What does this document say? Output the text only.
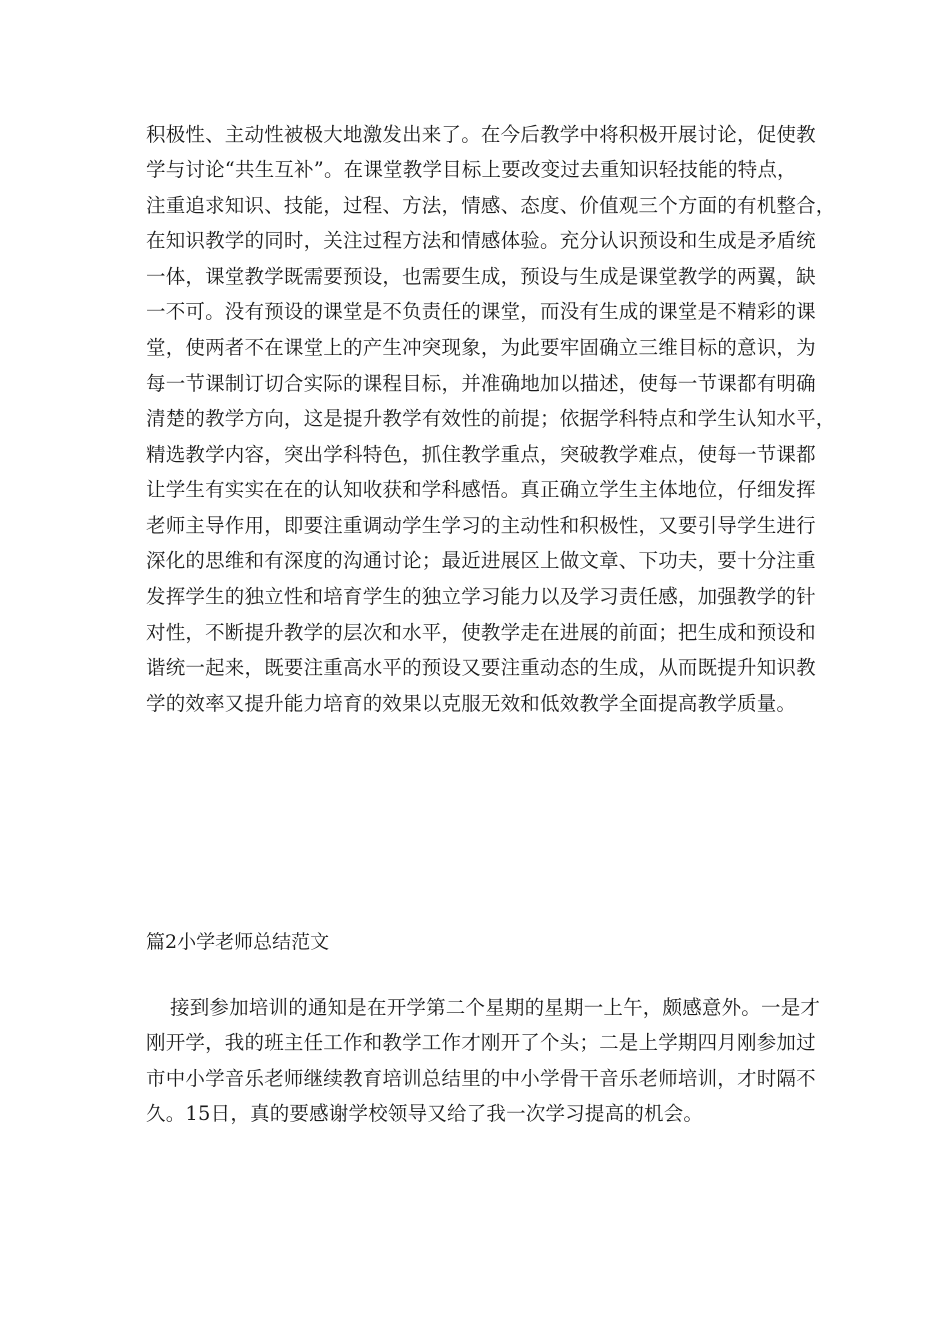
积极性、主动性被极大地激发出来了。在今后教学中将积极开展讨论，促使教
学与讨论“共生互补”。在课堂教学目标上要改变过去重知识轻技能的特点，
注重追求知识、技能，过程、方法，情感、态度、价值观三个方面的有机整合，
在知识教学的同时，关注过程方法和情感体验。充分认识预设和生成是矛盾统
一体，课堂教学既需要预设，也需要生成，预设与生成是课堂教学的两翼，缺
一不可。没有预设的课堂是不负责任的课堂，而没有生成的课堂是不精彩的课
堂，使两者不在课堂上的产生冲突现象，为此要牢固确立三维目标的意识，为
每一节课制订切合实际的课程目标，并准确地加以描述，使每一节课都有明确
清楚的教学方向，这是提升教学有效性的前提；依据学科特点和学生认知水平，
精选教学内容，突出学科特色，抓住教学重点，突破教学难点，使每一节课都
让学生有实实在在的认知收获和学科感悟。真正确立学生主体地位，仔细发挥
老师主导作用，即要注重调动学生学习的主动性和积极性，又要引导学生进行
深化的思维和有深度的沟通讨论；最近进展区上做文章、下功夫，要十分注重
发挥学生的独立性和培育学生的独立学习能力以及学习责任感，加强教学的针
对性，不断提升教学的层次和水平，使教学走在进展的前面；把生成和预设和
谐统一起来，既要注重高水平的预设又要注重动态的生成，从而既提升知识教
学的效率又提升能力培育的效果以克服无效和低效教学全面提高教学质量。
篇2小学老师总结范文
接到参加培训的通知是在开学第二个星期的星期一上午，颇感意外。一是才
刚开学，我的班主任工作和教学工作才刚开了个头；二是上学期四月刚参加过
市中小学音乐老师继续教育培训总结里的中小学骨干音乐老师培训，才时隔不
久。15日，真的要感谢学校领导又给了我一次学习提高的机会。
